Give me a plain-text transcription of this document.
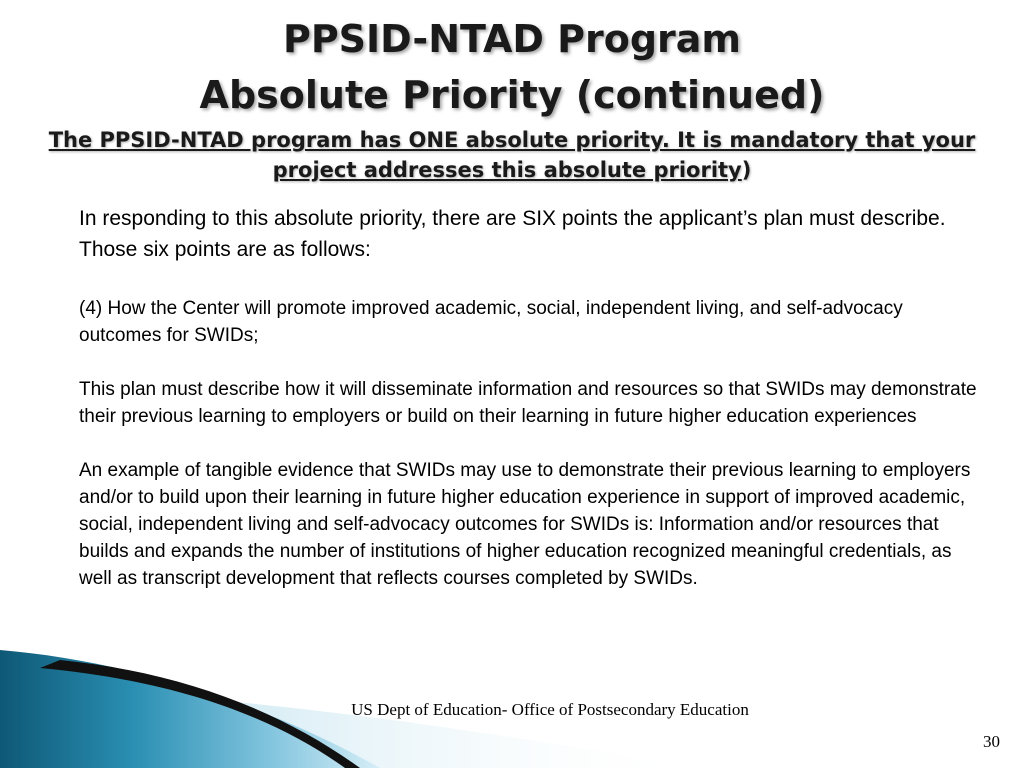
PPSID-NTAD Program
Absolute Priority (continued)
The PPSID-NTAD program has ONE absolute priority. It is mandatory that your project addresses this absolute priority)

In responding to this absolute priority, there are SIX points the applicant’s plan must describe. Those six points are as follows:

(4) How the Center will promote improved academic, social, independent living, and self-advocacy outcomes for SWIDs;

This plan must describe how it will disseminate information and resources so that SWIDs may demonstrate their previous learning to employers or build on their learning in future higher education experiences

An example of tangible evidence that SWIDs may use to demonstrate their previous learning to employers and/or to build upon their learning in future higher education experience in support of improved academic, social, independent living and self-advocacy outcomes for SWIDs is: Information and/or resources that builds and expands the number of institutions of higher education recognized meaningful credentials, as well as transcript development that reflects courses completed by SWIDs.

US Dept of Education- Office of Postsecondary Education
30
